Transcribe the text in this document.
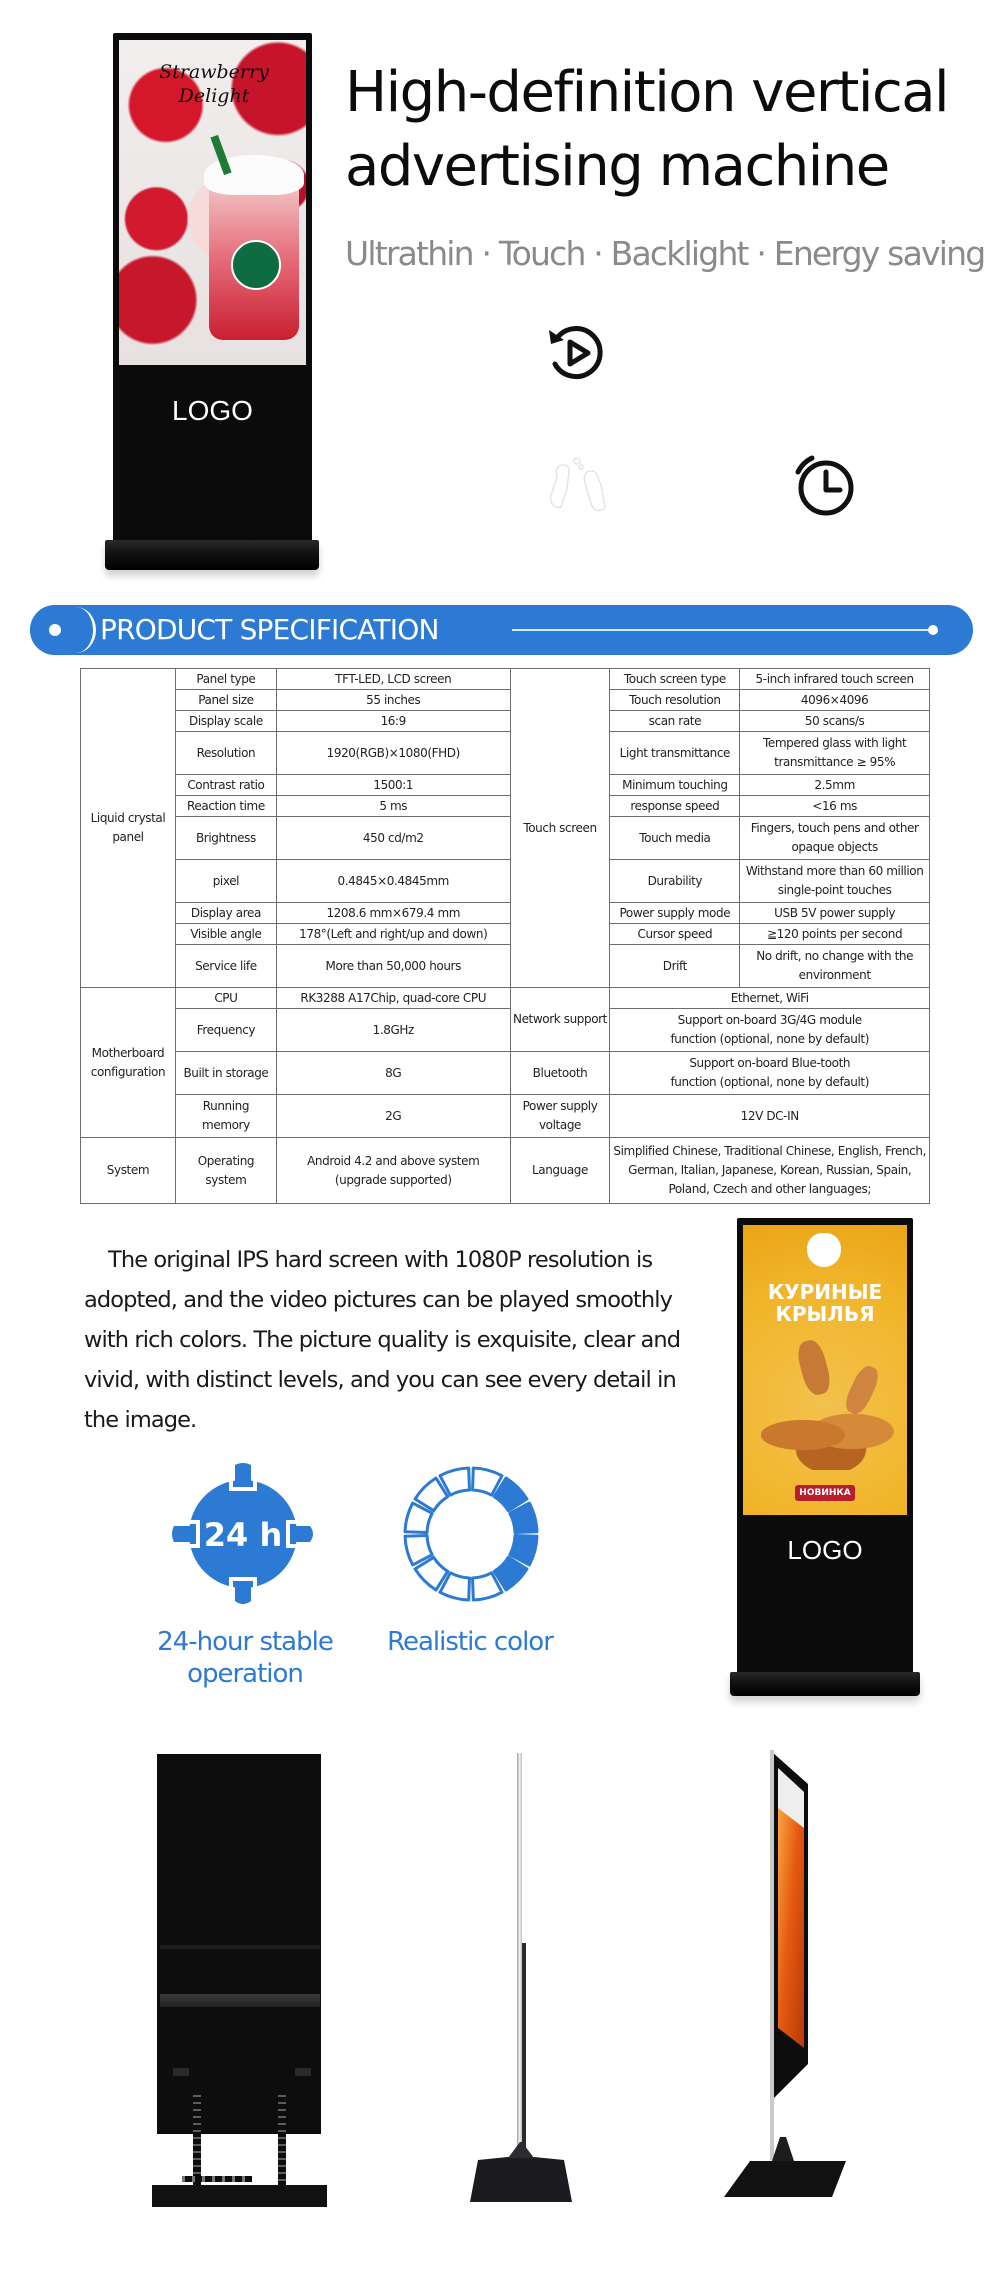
Strawberry
Delight
LOGO
High-definition vertical
advertising machine
Ultrathin · Touch · Backlight · Energy saving
PRODUCT SPECIFICATION
Liquid crystal panel	Panel type	TFT-LED, LCD screen	Touch screen	Touch screen type	5-inch infrared touch screen
	Panel size	55 inches		Touch resolution	4096×4096
	Display scale	16:9		scan rate	50 scans/s
	Resolution	1920(RGB)×1080(FHD)		Light transmittance	Tempered glass with light transmittance ≥ 95%
	Contrast ratio	1500:1		Minimum touching	2.5mm
	Reaction time	5 ms		response speed	<16 ms
	Brightness	450 cd/m2		Touch media	Fingers, touch pens and other opaque objects
	pixel	0.4845×0.4845mm		Durability	Withstand more than 60 million single-point touches
	Display area	1208.6 mm×679.4 mm		Power supply mode	USB 5V power supply
	Visible angle	178°(Left and right/up and down)		Cursor speed	≧120 points per second
	Service life	More than 50,000 hours		Drift	No drift, no change with the environment
Motherboard configuration	CPU	RK3288 A17Chip, quad-core CPU	Network support	Ethernet, WiFi	
	Frequency	1.8GHz		Support on-board 3G/4G module function (optional, none by default)	
	Built in storage	8G	Bluetooth	Support on-board Blue-tooth function (optional, none by default)	
	Running memory	2G	Power supply voltage	12V DC-IN	
System	Operating system	Android 4.2 and above system (upgrade supported)	Language	Simplified Chinese, Traditional Chinese, English, French, German, Italian, Japanese, Korean, Russian, Spain, Poland, Czech and other languages;	

The original IPS hard screen with 1080P resolution is adopted, and the video pictures can be played smoothly with rich colors. The picture quality is exquisite, clear and vivid, with distinct levels, and you can see every detail in the image.

24 h
24-hour stable
operation
Realistic color
КУРИНЫЕ
КРЫЛЬЯ
НОВИНКА
LOGO
